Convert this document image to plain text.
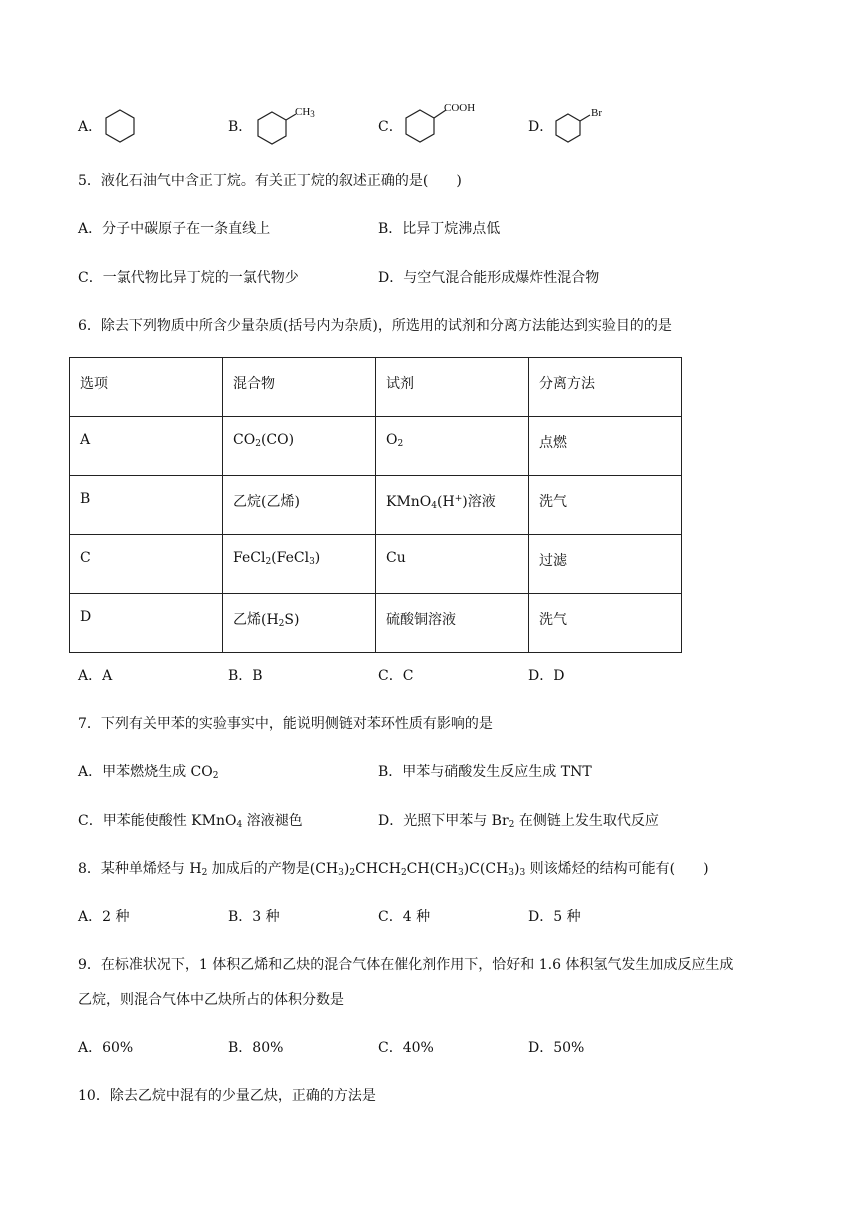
A．	B．
$CH_3$
C．
COOH
D．
Br
5．液化石油气中含正丁烷。有关正丁烷的叙述正确的是(　　)
A．分子中碳原子在一条直线上	B．比异丁烷沸点低
C．一氯代物比异丁烷的一氯代物少	D．与空气混合能形成爆炸性混合物
6．除去下列物质中所含少量杂质(括号内为杂质)，所选用的试剂和分离方法能达到实验目的的是
选项	混合物	试剂	分离方法

A	$CO_2(CO)$	$O_2$	点燃

B	乙烷(乙烯)	KMnO$_4$(H+)溶液	洗气

C	FeCl$_2$(FeCl$_3$)	Cu	过滤

D	乙烯$(H_2S)$	硫酸铜溶液	洗气
A．A	B．B	C．C	D．D
7．下列有关甲苯的实验事实中，能说明侧链对苯环性质有影响的是
A．甲苯燃烧生成 $CO_2$	B．甲苯与硝酸发生反应生成 TNT
C．甲苯能使酸性 KMnO$_4$ 溶液褪色	D．光照下甲苯与 $Br_2$ 在侧链上发生取代反应
8．某种单烯烃与 $H_2$ 加成后的产物是$(CH_3)_2CHCH_2CH(CH_3)C(CH_3)_3$ 则该烯烃的结构可能有(　　)
A．2 种	B．3 种	C．4 种	D．5 种
9．在标准状况下，1 体积乙烯和乙炔的混合气体在催化剂作用下，恰好和 1.6 体积氢气发生加成反应生成
乙烷，则混合气体中乙炔所占的体积分数是
A．60%	B．80%	C．40%	D．50%
10．除去乙烷中混有的少量乙炔，正确的方法是
